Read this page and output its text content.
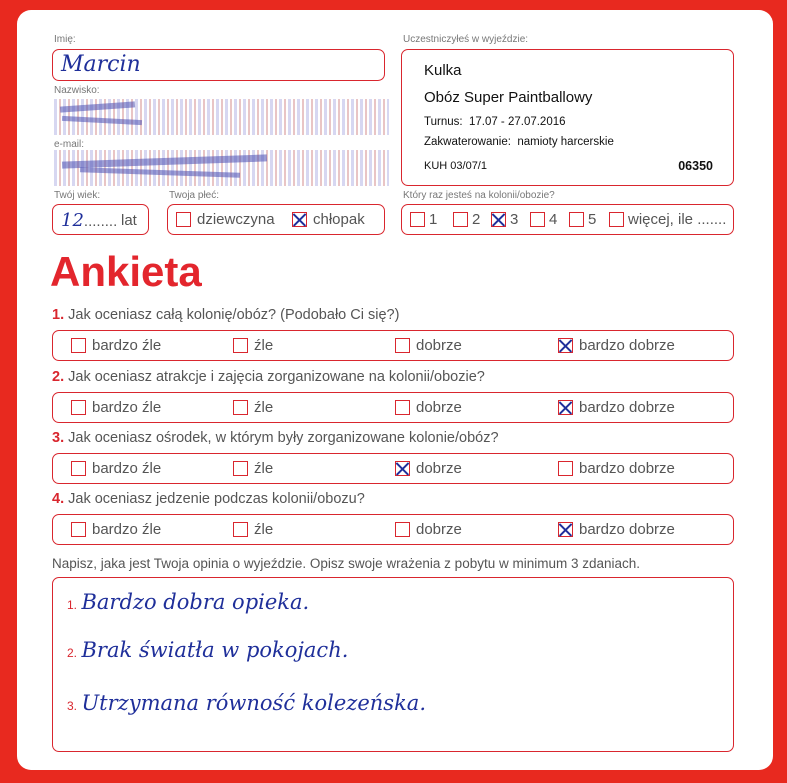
Imię:
Marcin
Nazwisko:
e-mail:
Twój wiek:
12........ lat
Twoja płeć:
dziewczyna	chłopak
Uczestniczyłeś w wyjeździe:
Kulka
Obóz Super Paintballowy
Turnus: 17.07 - 27.07.2016
Zakwaterowanie: namioty harcerskie
KUH 03/07/1	06350
Który raz jesteś na kolonii/obozie?
1 2 3 4 5 więcej, ile .......
Ankieta
1. Jak oceniasz całą kolonię/obóz? (Podobało Ci się?)
bardzo źle	źle	dobrze	bardzo dobrze
2. Jak oceniasz atrakcje i zajęcia zorganizowane na kolonii/obozie?
bardzo źle	źle	dobrze	bardzo dobrze
3. Jak oceniasz ośrodek, w którym były zorganizowane kolonie/obóz?
bardzo źle	źle	dobrze	bardzo dobrze
4. Jak oceniasz jedzenie podczas kolonii/obozu?
bardzo źle	źle	dobrze	bardzo dobrze
Napisz, jaka jest Twoja opinia o wyjeździe. Opisz swoje wrażenia z pobytu w minimum 3 zdaniach.
1. Bardzo dobra opieka.
2. Brak światła w pokojach.
3. Utrzymana równość kolezeńska.
